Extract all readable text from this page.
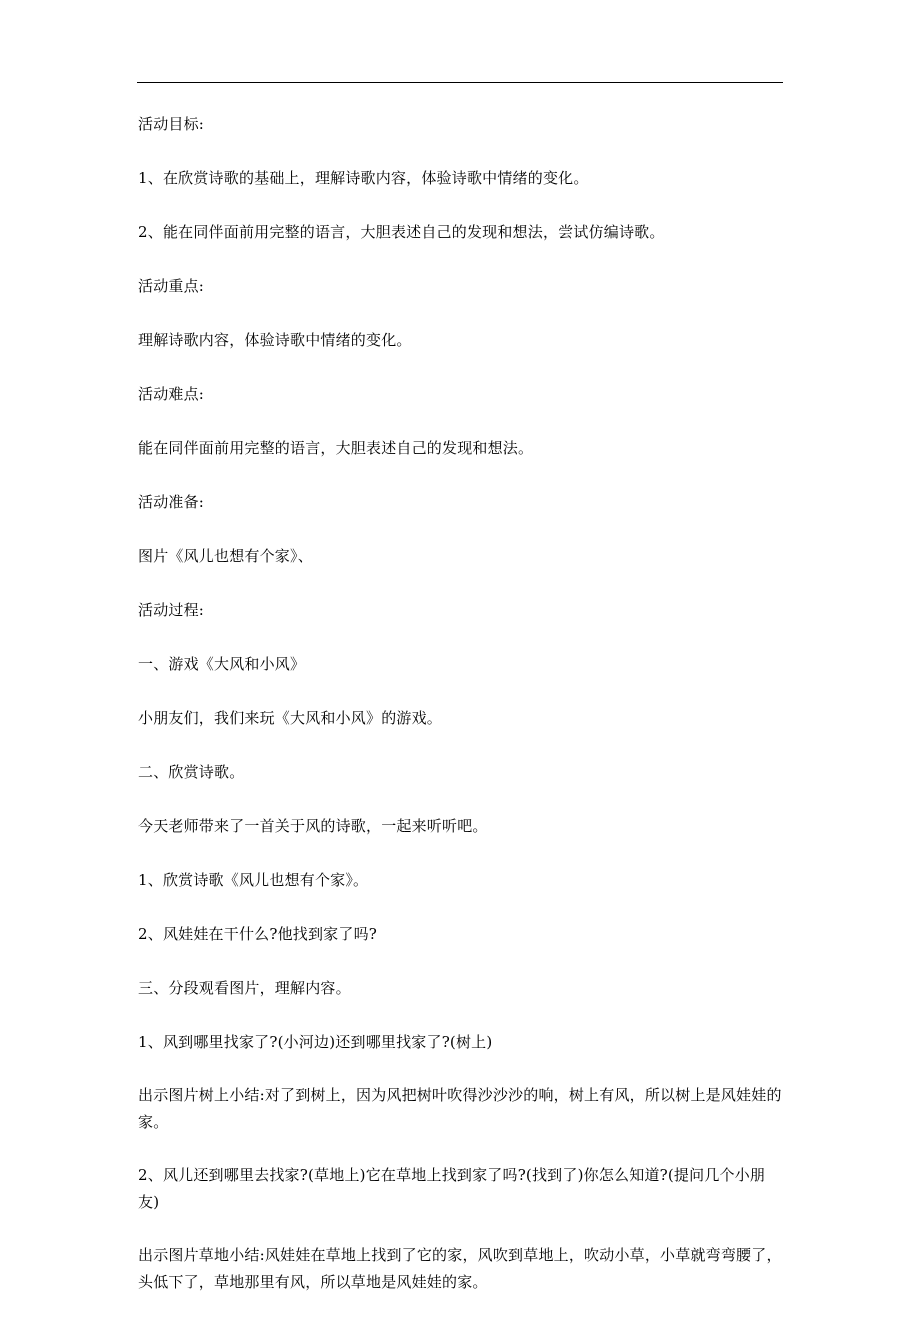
活动目标:

1、在欣赏诗歌的基础上，理解诗歌内容，体验诗歌中情绪的变化。

2、能在同伴面前用完整的语言，大胆表述自己的发现和想法，尝试仿编诗歌。

活动重点:

理解诗歌内容，体验诗歌中情绪的变化。

活动难点:

能在同伴面前用完整的语言，大胆表述自己的发现和想法。

活动准备:

图片《风儿也想有个家》、

活动过程:

一、游戏《大风和小风》

小朋友们，我们来玩《大风和小风》的游戏。

二、欣赏诗歌。

今天老师带来了一首关于风的诗歌，一起来听听吧。

1、欣赏诗歌《风儿也想有个家》。

2、风娃娃在干什么?他找到家了吗?

三、分段观看图片，理解内容。

1、风到哪里找家了?(小河边)还到哪里找家了?(树上)

出示图片树上小结:对了到树上，因为风把树叶吹得沙沙沙的响，树上有风，所以树上是风娃娃的家。

2、风儿还到哪里去找家?(草地上)它在草地上找到家了吗?(找到了)你怎么知道?(提问几个小朋友)

出示图片草地小结:风娃娃在草地上找到了它的家，风吹到草地上，吹动小草，小草就弯弯腰了，头低下了，草地那里有风，所以草地是风娃娃的家。
